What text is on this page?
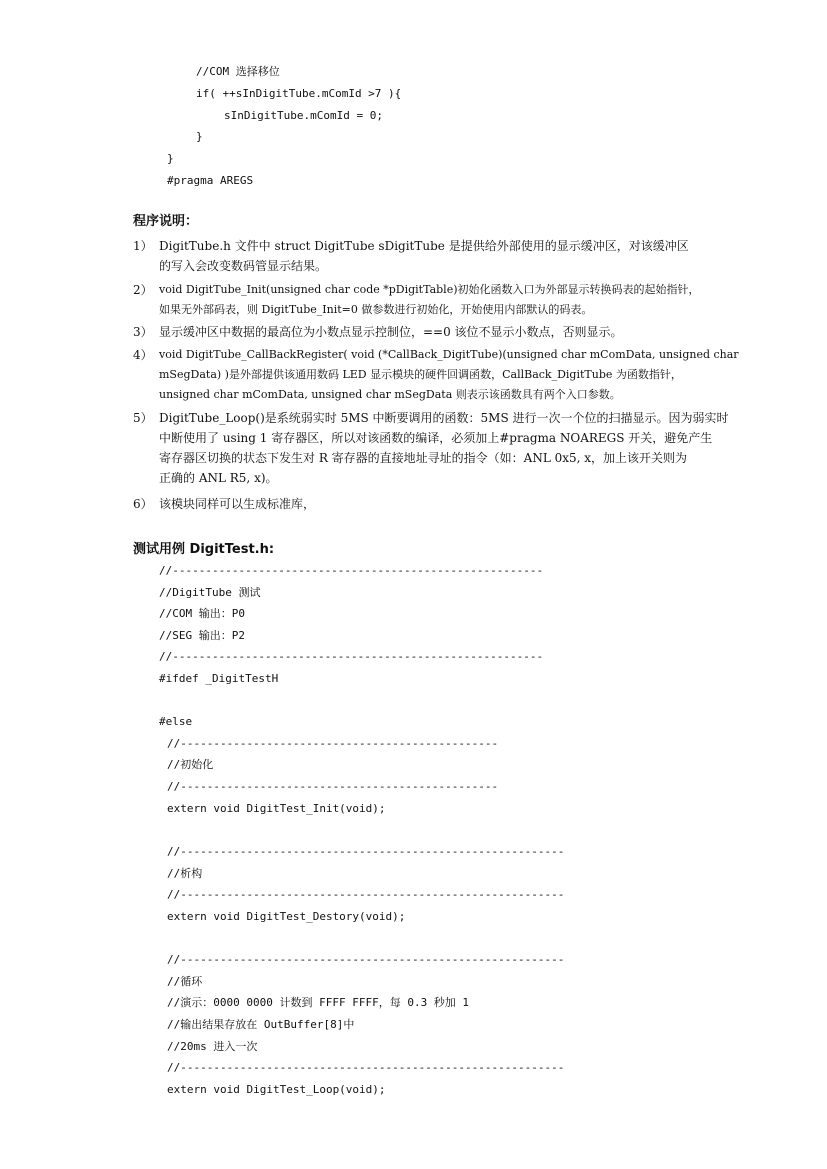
//COM 选择移位
if( ++sInDigitTube.mComId >7 ){
sInDigitTube.mComId = 0;
}
}
#pragma AREGS
程序说明：
1） DigitTube.h 文件中 struct DigitTube sDigitTube 是提供给外部使用的显示缓冲区，对该缓冲区
的写入会改变数码管显示结果。
2） void DigitTube_Init(unsigned char code *pDigitTable)初始化函数入口为外部显示转换码表的起始指针，
如果无外部码表，则 DigitTube_Init=0 做参数进行初始化，开始使用内部默认的码表。
3） 显示缓冲区中数据的最高位为小数点显示控制位，==0 该位不显示小数点，否则显示。
4） void DigitTube_CallBackRegister( void (*CallBack_DigitTube)(unsigned char mComData, unsigned char
mSegData) )是外部提供该通用数码 LED 显示模块的硬件回调函数，CallBack_DigitTube 为函数指针，
unsigned char mComData, unsigned char mSegData 则表示该函数具有两个入口参数。
5） DigitTube_Loop()是系统弱实时 5MS 中断要调用的函数：5MS 进行一次一个位的扫描显示。因为弱实时
中断使用了 using 1 寄存器区，所以对该函数的编译，必须加上#pragma NOAREGS 开关，避免产生
寄存器区切换的状态下发生对 R 寄存器的直接地址寻址的指令（如：ANL 0x5, x，加上该开关则为
正确的 ANL R5, x)。
6） 该模块同样可以生成标准库，
测试用例 DigitTest.h:
//--------------------------------------------------------
//DigitTube 测试
//COM 输出：P0
//SEG 输出：P2
//--------------------------------------------------------
#ifdef _DigitTestH
#else
//------------------------------------------------
//初始化
//------------------------------------------------
extern void DigitTest_Init(void);
//----------------------------------------------------------
//析构
//----------------------------------------------------------
extern void DigitTest_Destory(void);
//----------------------------------------------------------
//循环
//演示：0000 0000 计数到 FFFF FFFF，每 0.3 秒加 1
//输出结果存放在 OutBuffer[8]中
//20ms 进入一次
//----------------------------------------------------------
extern void DigitTest_Loop(void);
